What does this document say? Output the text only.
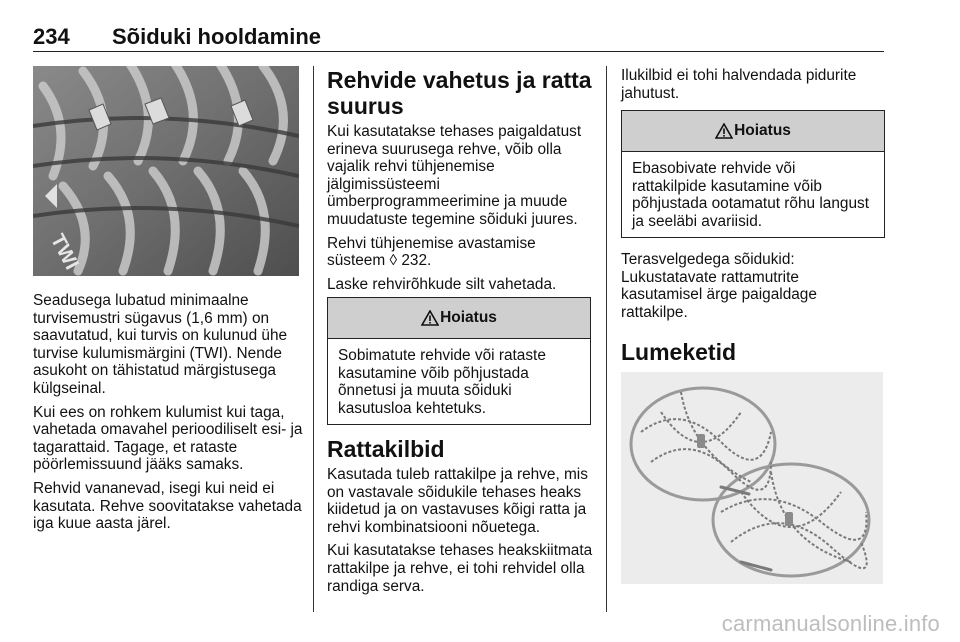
234 Sõiduki hooldamine
TWI

Seadusega lubatud minimaalne turvisemustri sügavus (1,6 mm) on saavutatud, kui turvis on kulunud ühe turvise kulumismärgini (TWI). Nende asukoht on tähistatud märgistusega külgseinal.

Kui ees on rohkem kulumist kui taga, vahetada omavahel perioodiliselt esi- ja tagarattaid. Tagage, et rataste pöörlemissuund jääks samaks.

Rehvid vananevad, isegi kui neid ei kasutata. Rehve soovitatakse vahetada iga kuue aasta järel.

Rehvide vahetus ja ratta suurus

Kui kasutatakse tehases paigaldatust erineva suurusega rehve, võib olla vajalik rehvi tühjenemise jälgimissüsteemi ümberprogrammeerimine ja muude muudatuste tegemine sõiduki juures.

Rehvi tühjenemise avastamise süsteem ◊ 232.

Laske rehvirõhkude silt vahetada.

Hoiatus

Sobimatute rehvide või rataste kasutamine võib põhjustada õnnetusi ja muuta sõiduki kasutusloa kehtetuks.

Rattakilbid

Kasutada tuleb rattakilpe ja rehve, mis on vastavale sõidukile tehases heaks kiidetud ja on vastavuses kõigi ratta ja rehvi kombinatsiooni nõuetega.

Kui kasutatakse tehases heakskiitmata rattakilpe ja rehve, ei tohi rehvidel olla randiga serva.

Ilukilbid ei tohi halvendada pidurite jahutust.

Hoiatus

Ebasobivate rehvide või rattakilpide kasutamine võib põhjustada ootamatut rõhu langust ja seeläbi avariisid.

Terasvelgedega sõidukid: Lukustatavate rattamutrite kasutamisel ärge paigaldage rattakilpe.

Lumeketid
carmanualsonline.info
